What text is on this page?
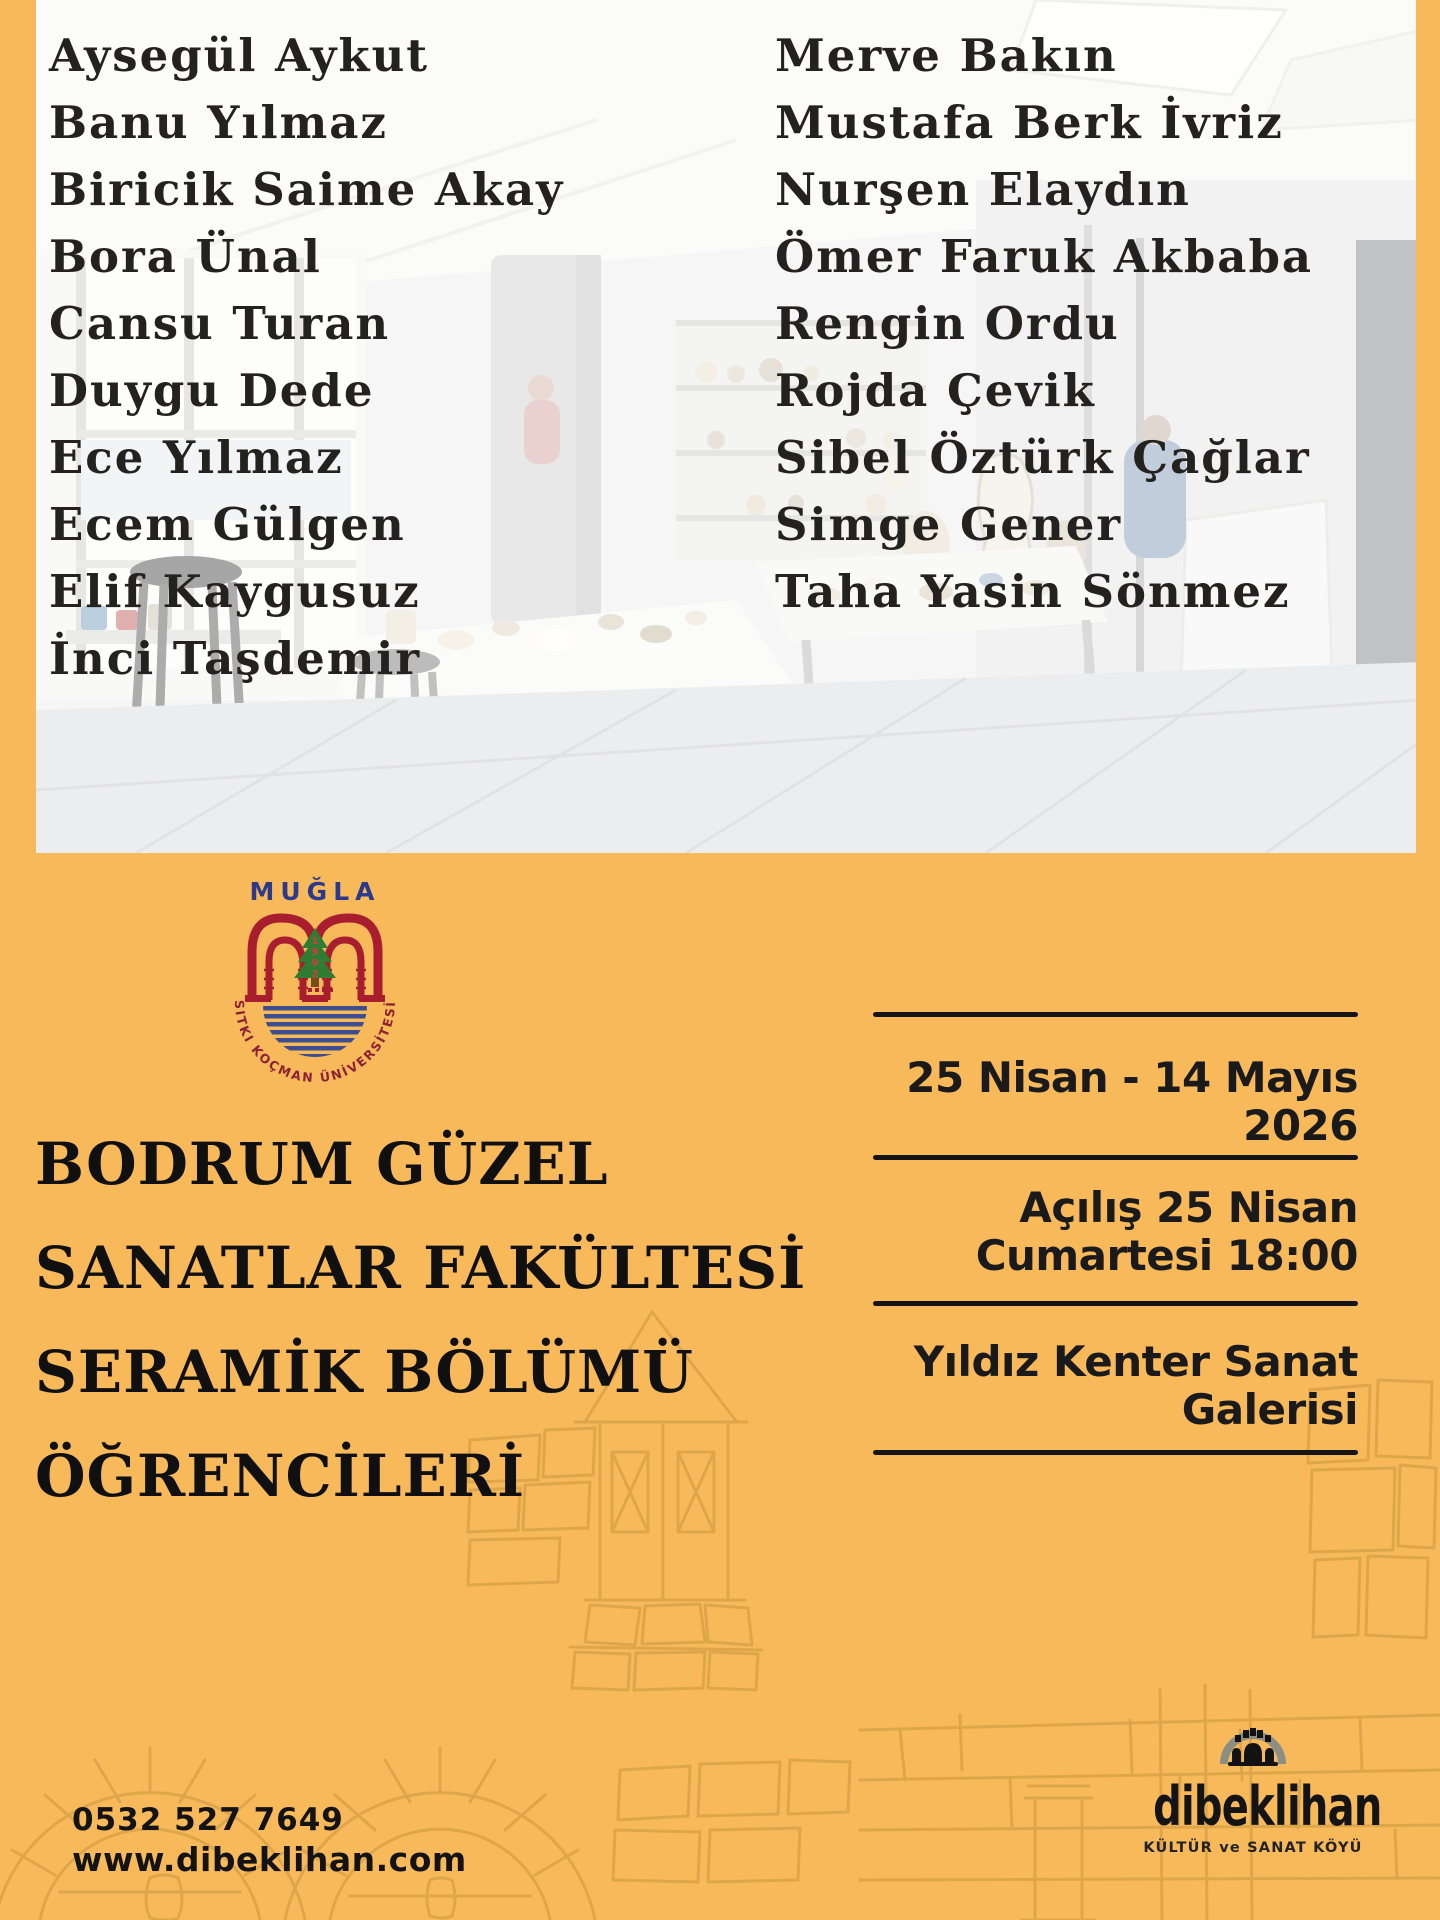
Aysegül Aykut
Banu Yılmaz
Biricik Saime Akay
Bora Ünal
Cansu Turan
Duygu Dede
Ece Yılmaz
Ecem Gülgen
Elif Kaygusuz
İnci Taşdemir
Merve Bakın
Mustafa Berk İvriz
Nurşen Elaydın
Ömer Faruk Akbaba
Rengin Ordu
Rojda Çevik
Sibel Öztürk Çağlar
Simge Gener
Taha Yasin Sönmez
MUĞLA
1
9
9
2
SITKI KOÇMAN ÜNİVERSİTESİ
BODRUM GÜZEL
SANATLAR FAKÜLTESİ
SERAMİK BÖLÜMÜ
ÖĞRENCİLERİ
25 Nisan - 14 Mayıs
2026
Açılış 25 Nisan
Cumartesi 18:00
Yıldız Kenter Sanat
Galerisi
0532 527 7649
www.dibeklihan.com
dibeklihan
KÜLTÜR ve SANAT KÖYÜ
